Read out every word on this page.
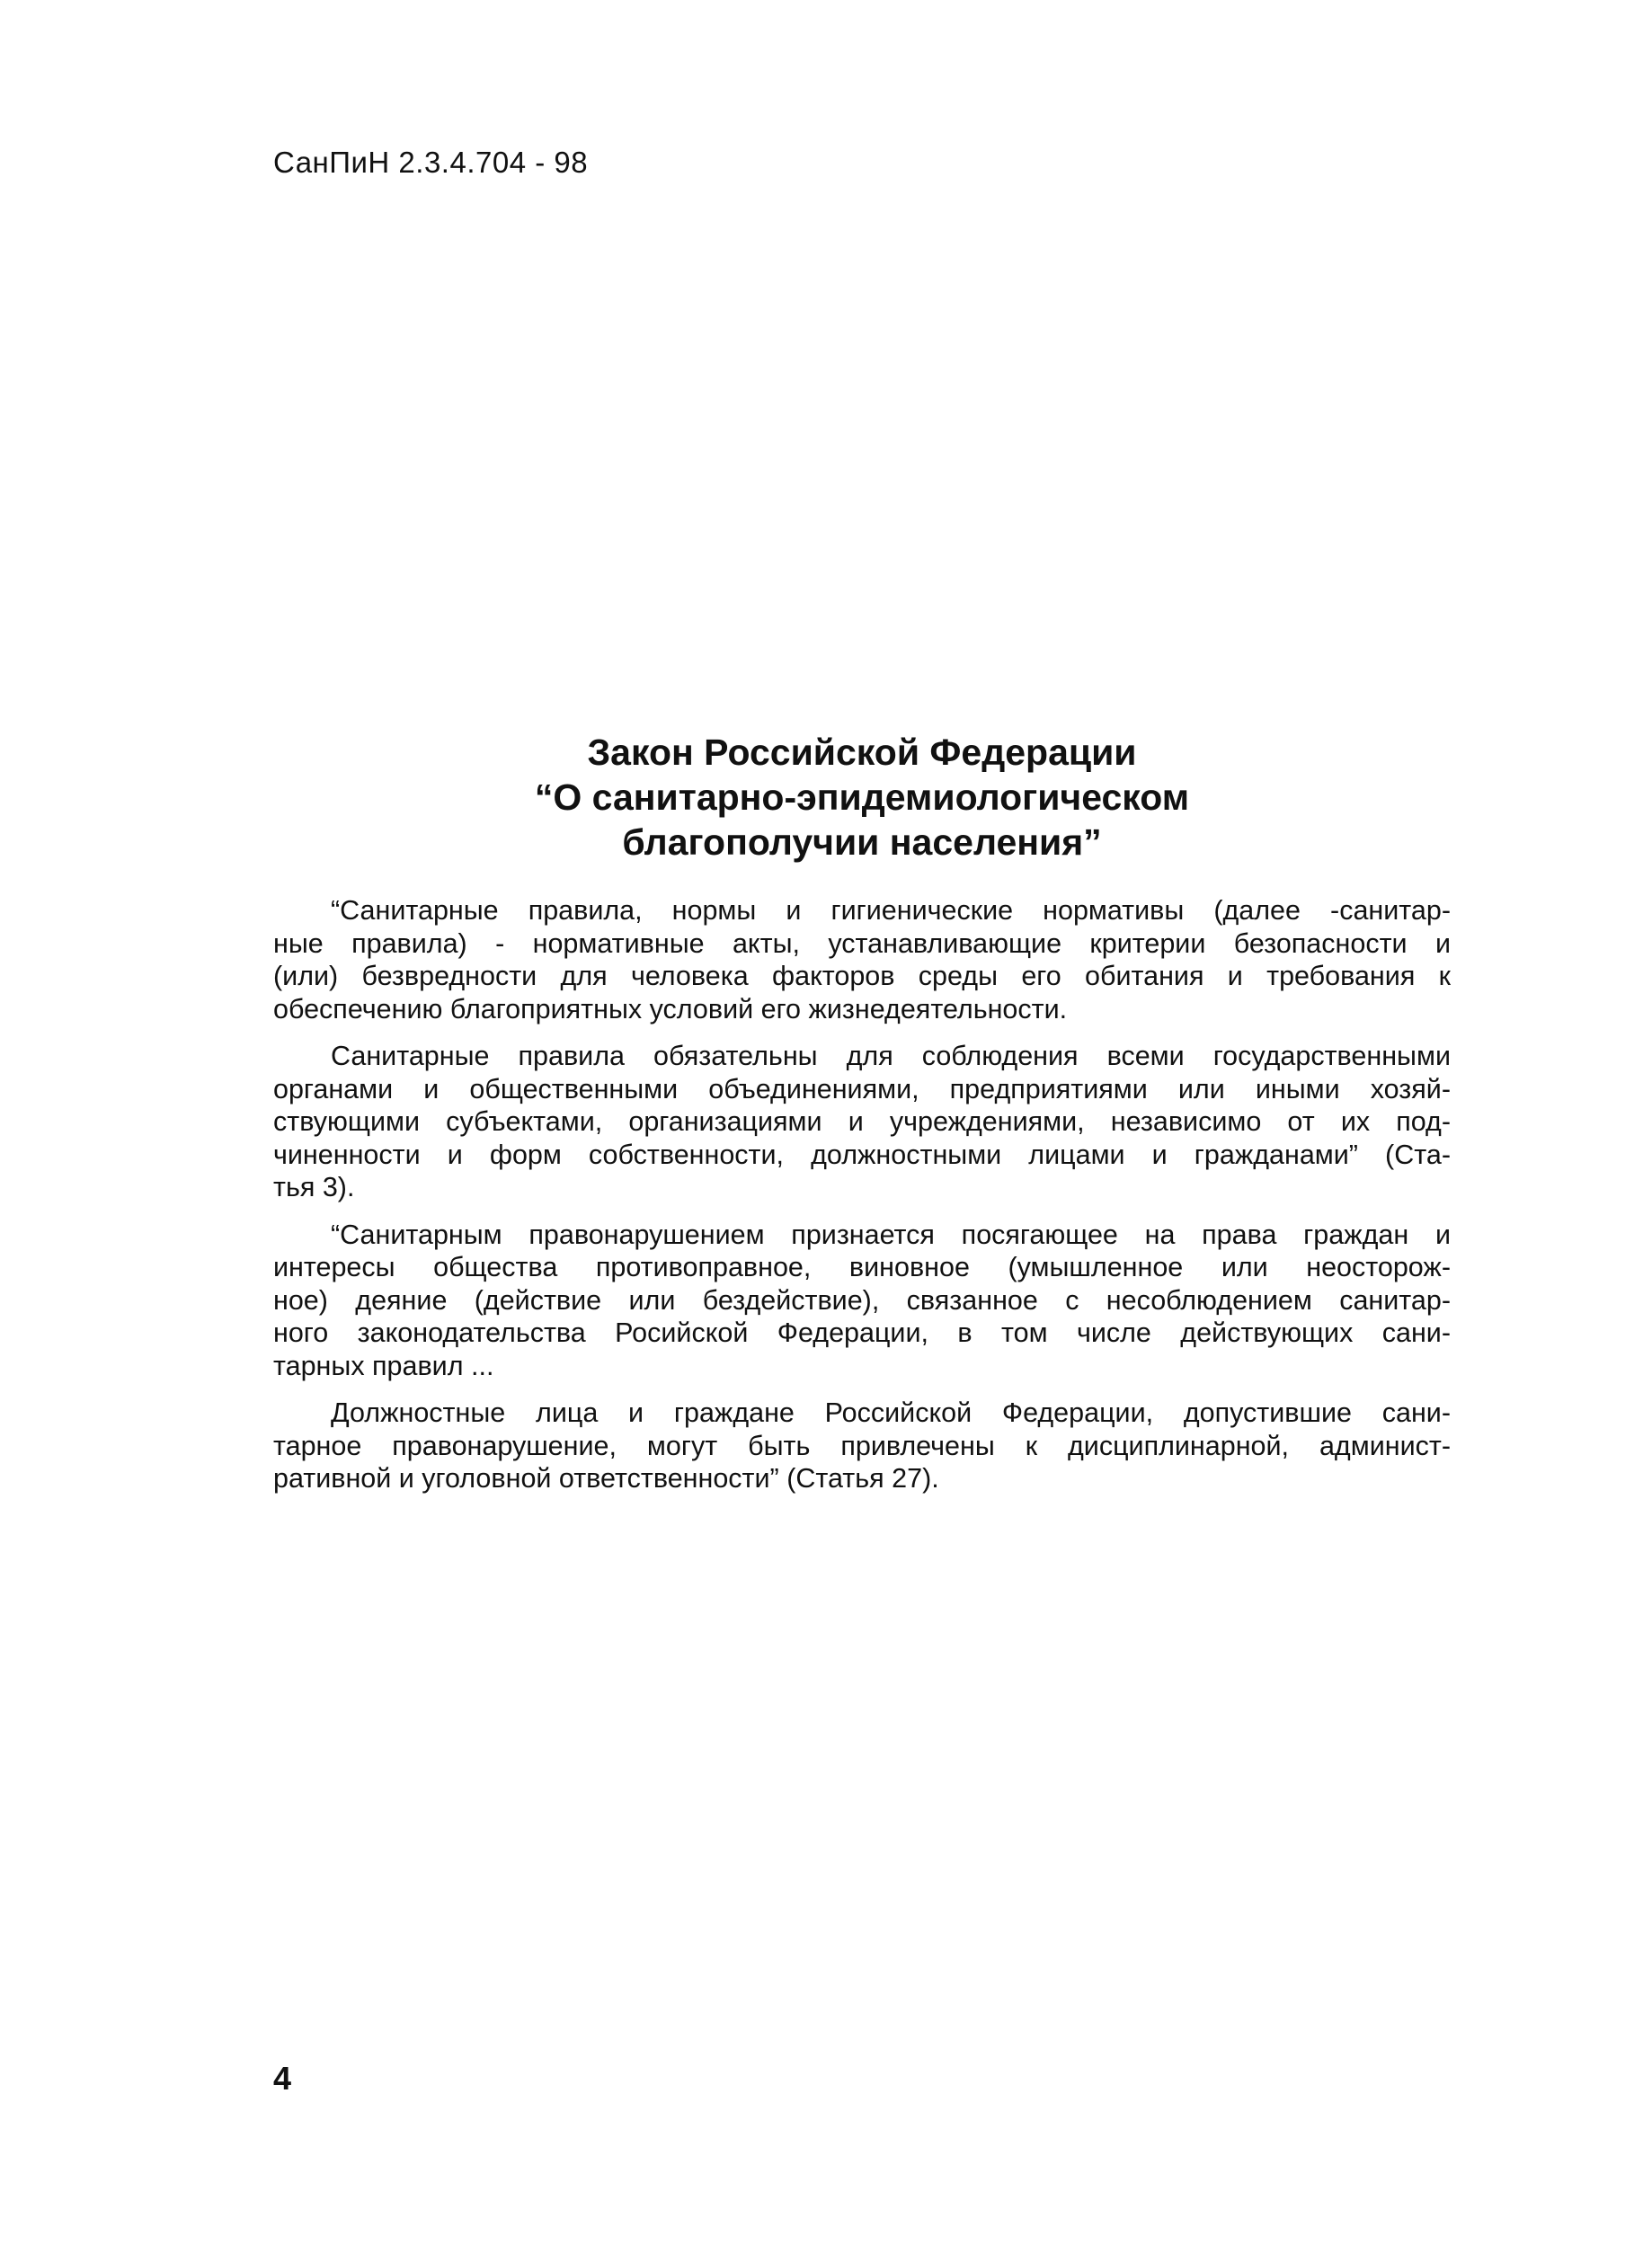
СанПиН 2.3.4.704 - 98
Закон Российской Федерации
“О санитарно-эпидемиологическом
благополучии населения”
“Санитарные правила, нормы и гигиенические нормативы (далее -санитар-
ные правила) - нормативные акты, устанавливающие критерии безопасности и
(или) безвредности для человека факторов среды его обитания и требования к
обеспечению благоприятных условий его жизнедеятельности.
Санитарные правила обязательны для соблюдения всеми государственными
органами и общественными объединениями, предприятиями или иными хозяй-
ствующими субъектами, организациями и учреждениями, независимо от их под-
чиненности и форм собственности, должностными лицами и гражданами” (Ста-
тья 3).
“Санитарным правонарушением признается посягающее на права граждан и
интересы общества противоправное, виновное (умышленное или неосторож-
ное) деяние (действие или бездействие), связанное с несоблюдением санитар-
ного законодательства Росийской Федерации, в том числе действующих сани-
тарных правил ...
Должностные лица и граждане Российской Федерации, допустившие сани-
тарное правонарушение, могут быть привлечены к дисциплинарной, админист-
ративной и уголовной ответственности” (Статья 27).
4
